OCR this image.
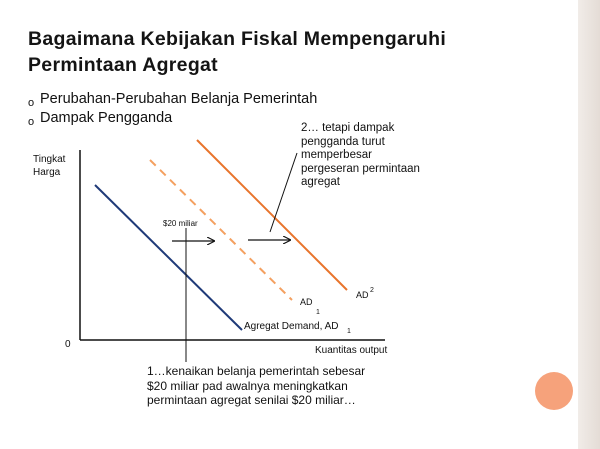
Bagaimana Kebijakan Fiskal Mempengaruhi
Permintaan Agregat
o Perubahan-Perubahan Belanja Pemerintah
o Dampak Pengganda
Tingkat
Harga
0
Kuantitas output
$20 miliar
Agregat Demand, AD 1
AD
1
AD 2
2… tetapi dampak
pengganda turut
memperbesar
pergeseran permintaan
agregat
1…kenaikan belanja pemerintah sebesar
$20 miliar pad awalnya meningkatkan
permintaan agregat senilai $20 miliar…
